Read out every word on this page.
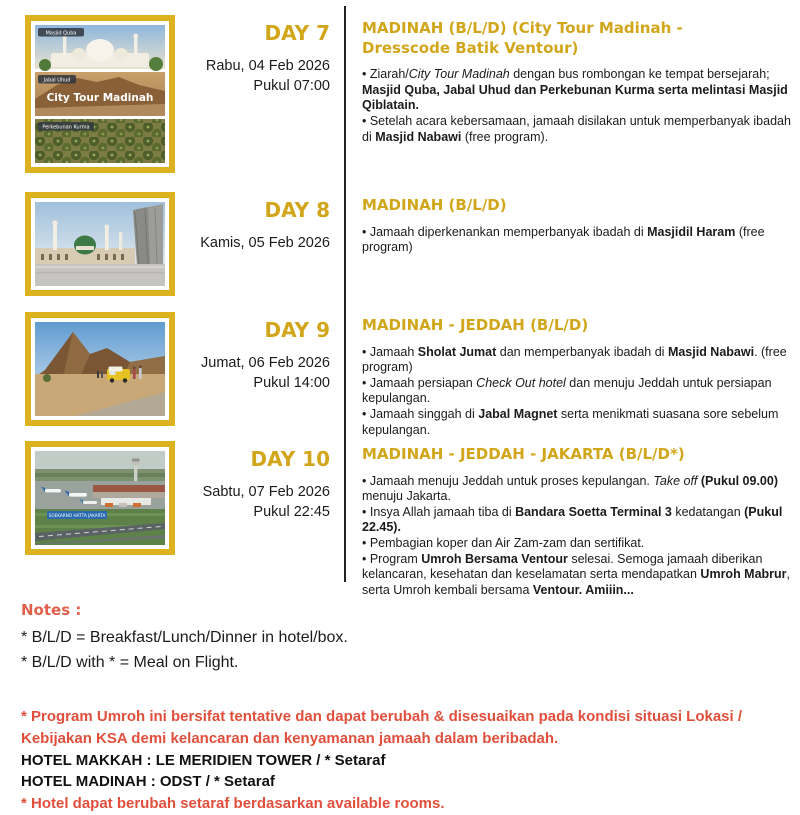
Masjid Quba
Jabal Uhud
City Tour Madinah
Perkebunan Kurma
DAY 7
Rabu, 04 Feb 2026
Pukul 07:00
MADINAH (B/L/D) (City Tour Madinah - Dresscode Batik Ventour)
• Ziarah/City Tour Madinah dengan bus rombongan ke tempat bersejarah; Masjid Quba, Jabal Uhud dan Perkebunan Kurma serta melintasi Masjid Qiblatain.
• Setelah acara kebersamaan, jamaah disilakan untuk memperbanyak ibadah di Masjid Nabawi (free program).
DAY 8
Kamis, 05 Feb 2026
MADINAH (B/L/D)
• Jamaah diperkenankan memperbanyak ibadah di Masjidil Haram (free program)
DAY 9
Jumat, 06 Feb 2026
Pukul 14:00
MADINAH - JEDDAH (B/L/D)
• Jamaah Sholat Jumat dan memperbanyak ibadah di Masjid Nabawi. (free program)
• Jamaah persiapan Check Out hotel dan menuju Jeddah untuk persiapan kepulangan.
• Jamaah singgah di Jabal Magnet serta menikmati suasana sore sebelum kepulangan.
SOEKARNO HATTA JAKARTA
DAY 10
Sabtu, 07 Feb 2026
Pukul 22:45
MADINAH - JEDDAH - JAKARTA (B/L/D*)
• Jamaah menuju Jeddah untuk proses kepulangan. Take off (Pukul 09.00) menuju Jakarta.
• Insya Allah jamaah tiba di Bandara Soetta Terminal 3 kedatangan (Pukul 22.45).
• Pembagian koper dan Air Zam-zam dan sertifikat.
• Program Umroh Bersama Ventour selesai. Semoga jamaah diberikan kelancaran, kesehatan dan keselamatan serta mendapatkan Umroh Mabrur, serta Umroh kembali bersama Ventour. Amiiin...
Notes :
* B/L/D = Breakfast/Lunch/Dinner in hotel/box.
* B/L/D with * = Meal on Flight.
* Program Umroh ini bersifat tentative dan dapat berubah & disesuaikan pada kondisi situasi Lokasi / Kebijakan KSA demi kelancaran dan kenyamanan jamaah dalam beribadah.
HOTEL MAKKAH : LE MERIDIEN TOWER / * Setaraf
HOTEL MADINAH : ODST / * Setaraf
* Hotel dapat berubah setaraf berdasarkan available rooms.
